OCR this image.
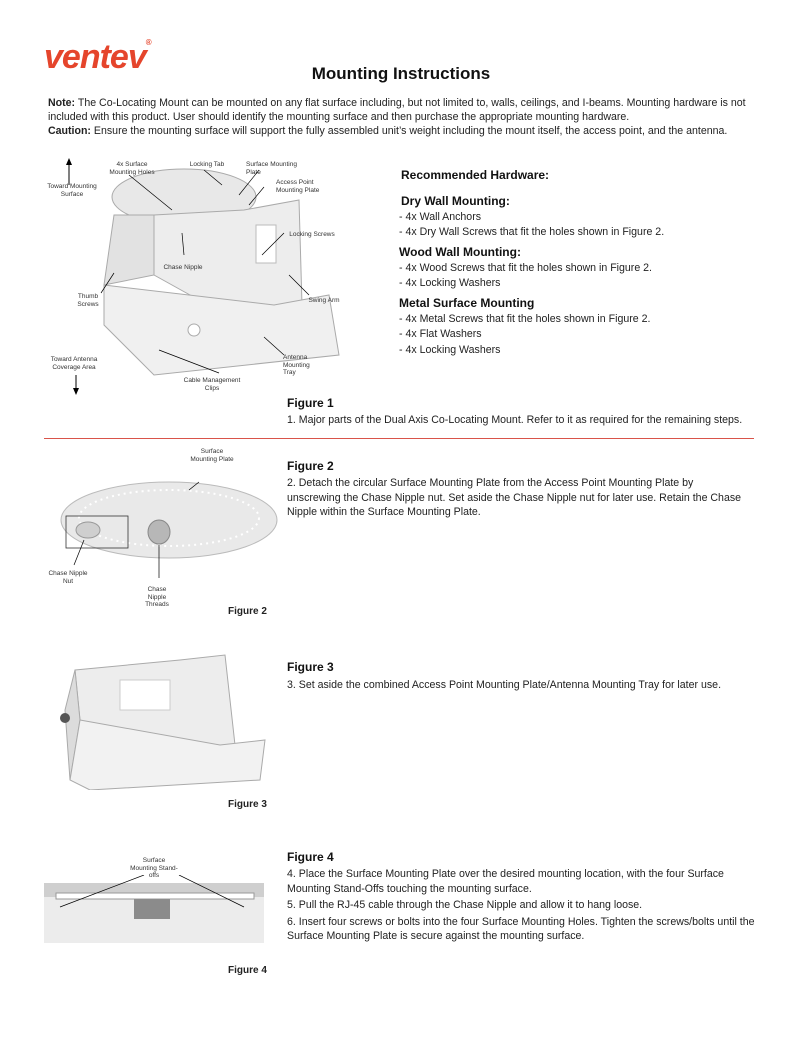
ventev®
Mounting Instructions
Note: The Co-Locating Mount can be mounted on any flat surface including, but not limited to, walls, ceilings, and I-beams. Mounting hardware is not included with this product. User should identify the mounting surface and then purchase the appropriate mounting hardware.
Caution: Ensure the mounting surface will support the fully assembled unit’s weight including the mount itself, the access point, and the antenna.
Toward Mounting Surface
4x Surface Mounting Holes
Locking Tab	Surface Mounting Plate
Access Point Mounting Plate
Locking Screws
Chase Nipple
Thumb Screws	Swing Arm
Toward Antenna Coverage Area
Antenna Mounting Tray
Cable Management Clips
Recommended Hardware:
Dry Wall Mounting:
- 4x Wall Anchors
- 4x Dry Wall Screws that fit the holes shown in Figure 2.
Wood Wall Mounting:
- 4x Wood Screws that fit the holes shown in Figure 2.
- 4x Locking Washers
Metal Surface Mounting
- 4x Metal Screws that fit the holes shown in Figure 2.
- 4x Flat Washers
- 4x Locking Washers
Figure 1
1. Major parts of the Dual Axis Co-Locating Mount. Refer to it as required for the remaining steps.
Surface Mounting Plate
Chase Nipple Nut
Chase Nipple Threads
Figure 2
Figure 2
2. Detach the circular Surface Mounting Plate from the Access Point Mounting Plate by unscrewing the Chase Nipple nut. Set aside the Chase Nipple nut for later use. Retain the Chase Nipple within the Surface Mounting Plate.
Figure 3
Figure 3
3. Set aside the combined Access Point Mounting Plate/Antenna Mounting Tray for later use.
Surface Mounting Stand-offs
Figure 4
Figure 4
4. Place the Surface Mounting Plate over the desired mounting location, with the four Surface Mounting Stand-Offs touching the mounting surface.
5. Pull the RJ-45 cable through the Chase Nipple and allow it to hang loose.
6. Insert four screws or bolts into the four Surface Mounting Holes. Tighten the screws/bolts until the Surface Mounting Plate is secure against the mounting surface.
